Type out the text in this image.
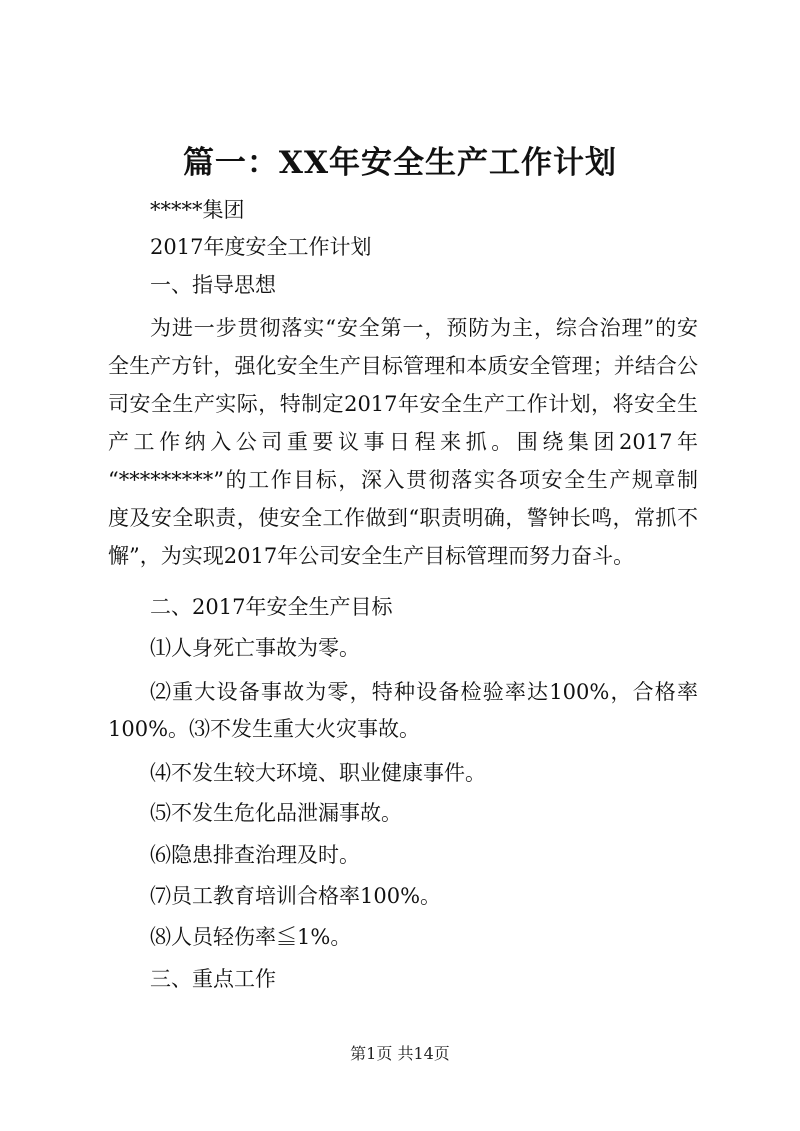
篇一：XX年安全生产工作计划
*****集团
2017年度安全工作计划
一、指导思想
为进一步贯彻落实“安全第一，预防为主，综合治理”的安
全生产方针，强化安全生产目标管理和本质安全管理；并结合公
司安全生产实际，特制定2017年安全生产工作计划，将安全生
产工作纳入公司重要议事日程来抓。围绕集团2017年
“*********”的工作目标，深入贯彻落实各项安全生产规章制
度及安全职责，使安全工作做到“职责明确，警钟长鸣，常抓不
懈”，为实现2017年公司安全生产目标管理而努力奋斗。
二、2017年安全生产目标
⑴人身死亡事故为零。
⑵重大设备事故为零，特种设备检验率达100%，合格率
100%。⑶不发生重大火灾事故。
⑷不发生较大环境、职业健康事件。
⑸不发生危化品泄漏事故。
⑹隐患排查治理及时。
⑺员工教育培训合格率100%。
⑻人员轻伤率≦1%。
三、重点工作
第1页 共14页
